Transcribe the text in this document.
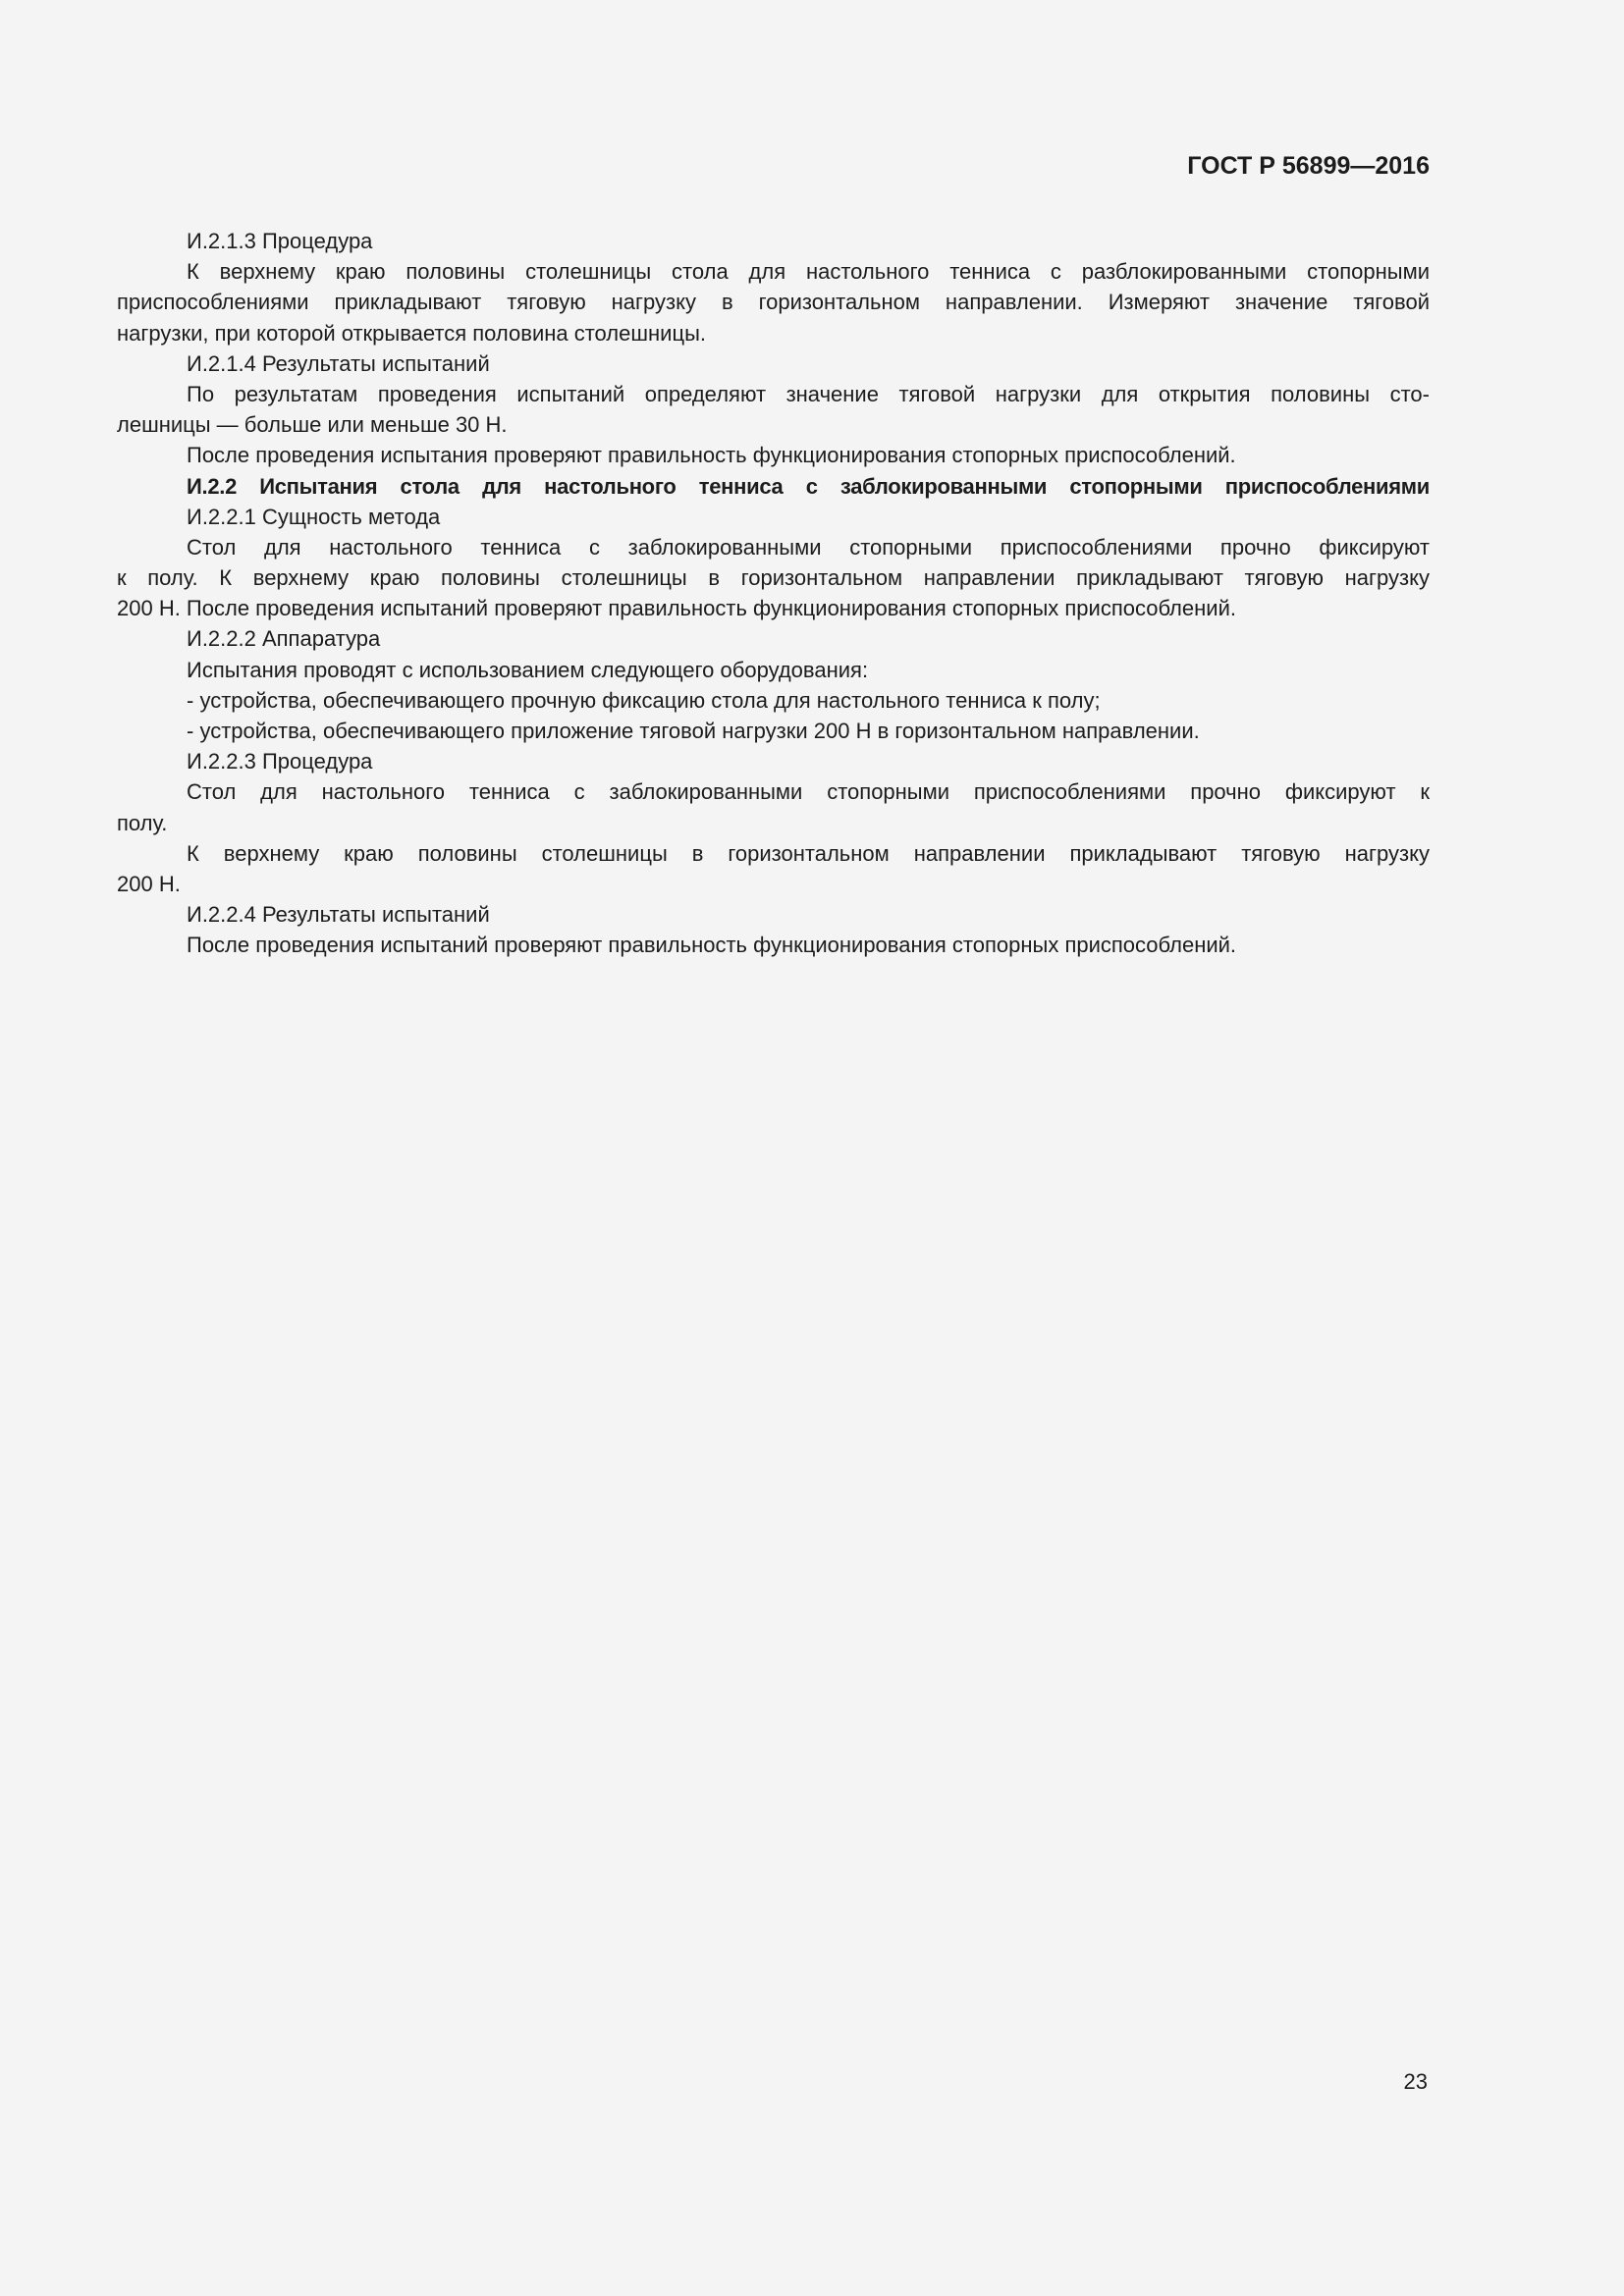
ГОСТ Р 56899—2016
И.2.1.3 Процедура
К верхнему краю половины столешницы стола для настольного тенниса с разблокированными стопорными
приспособлениями прикладывают тяговую нагрузку в горизонтальном направлении. Измеряют значение тяговой
нагрузки, при которой открывается половина столешницы.
И.2.1.4 Результаты испытаний
По результатам проведения испытаний определяют значение тяговой нагрузки для открытия половины сто-
лешницы — больше или меньше 30 Н.
После проведения испытания проверяют правильность функционирования стопорных приспособлений.
И.2.2 Испытания стола для настольного тенниса с заблокированными стопорными приспособлениями
И.2.2.1 Сущность метода
Стол для настольного тенниса с заблокированными стопорными приспособлениями прочно фиксируют
к полу. К верхнему краю половины столешницы в горизонтальном направлении прикладывают тяговую нагрузку
200 Н. После проведения испытаний проверяют правильность функционирования стопорных приспособлений.
И.2.2.2 Аппаратура
Испытания проводят с использованием следующего оборудования:
- устройства, обеспечивающего прочную фиксацию стола для настольного тенниса к полу;
- устройства, обеспечивающего приложение тяговой нагрузки 200 Н в горизонтальном направлении.
И.2.2.3 Процедура
Стол для настольного тенниса с заблокированными стопорными приспособлениями прочно фиксируют к
полу.
К верхнему краю половины столешницы в горизонтальном направлении прикладывают тяговую нагрузку
200 Н.
И.2.2.4 Результаты испытаний
После проведения испытаний проверяют правильность функционирования стопорных приспособлений.
23
